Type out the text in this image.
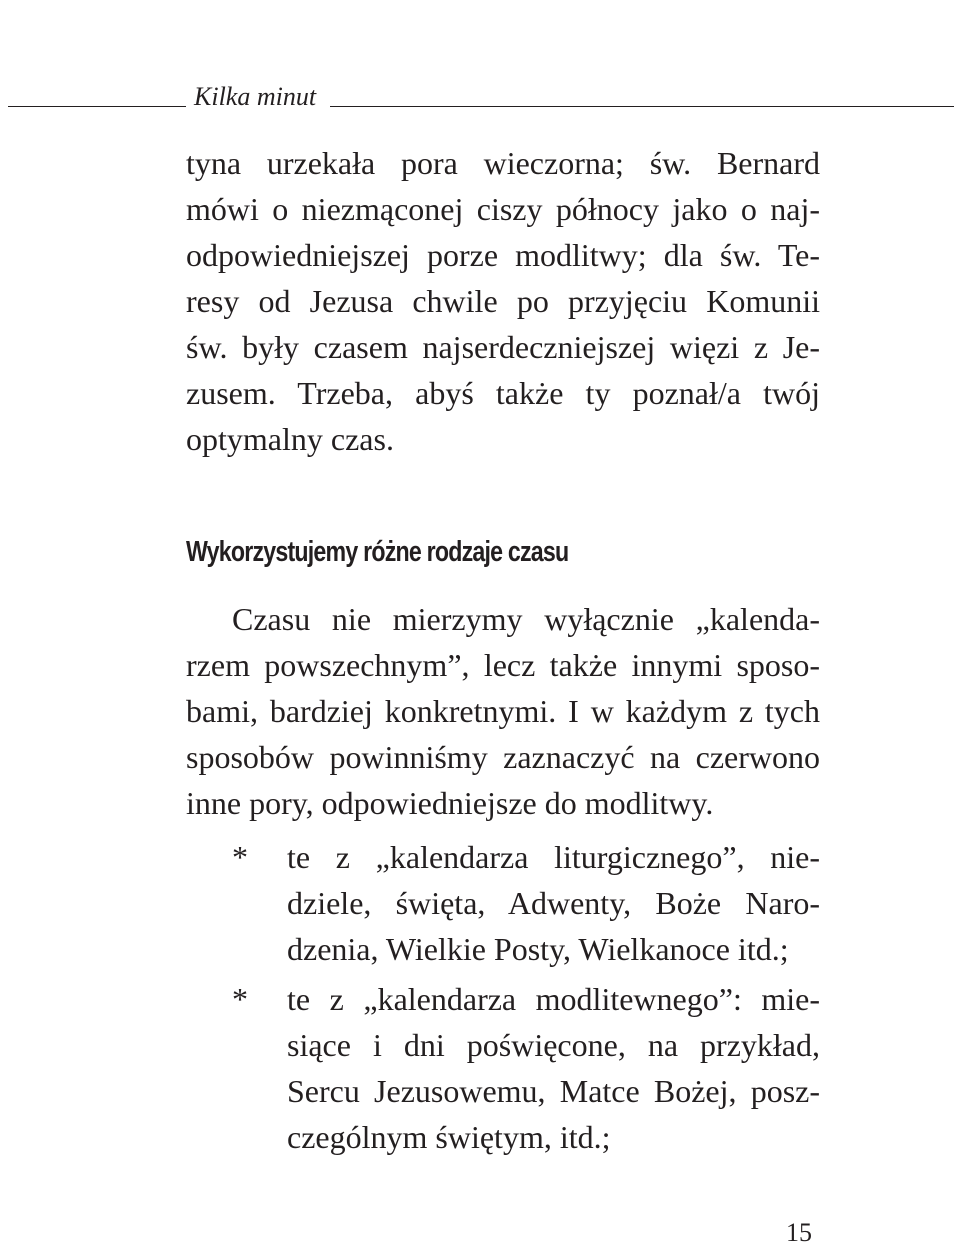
Kilka minut
tyna urzekała pora wieczorna; św. Bernard
mówi o niezmąconej ciszy północy jako o naj-
odpowiedniejszej porze modlitwy; dla św. Te-
resy od Jezusa chwile po przyjęciu Komunii
św. były czasem najserdeczniejszej więzi z Je-
zusem. Trzeba, abyś także ty poznał/a twój
optymalny czas.
Wykorzystujemy różne rodzaje czasu
Czasu nie mierzymy wyłącznie „kalenda-
rzem powszechnym”, lecz także innymi sposo-
bami, bardziej konkretnymi. I w każdym z tych
sposobów powinniśmy zaznaczyć na czerwono
inne pory, odpowiedniejsze do modlitwy.
* te z „kalendarza liturgicznego”, nie-
dziele, święta, Adwenty, Boże Naro-
dzenia, Wielkie Posty, Wielkanoce itd.;
* te z „kalendarza modlitewnego”: mie-
siące i dni poświęcone, na przykład,
Sercu Jezusowemu, Matce Bożej, posz-
czególnym świętym, itd.;
15
